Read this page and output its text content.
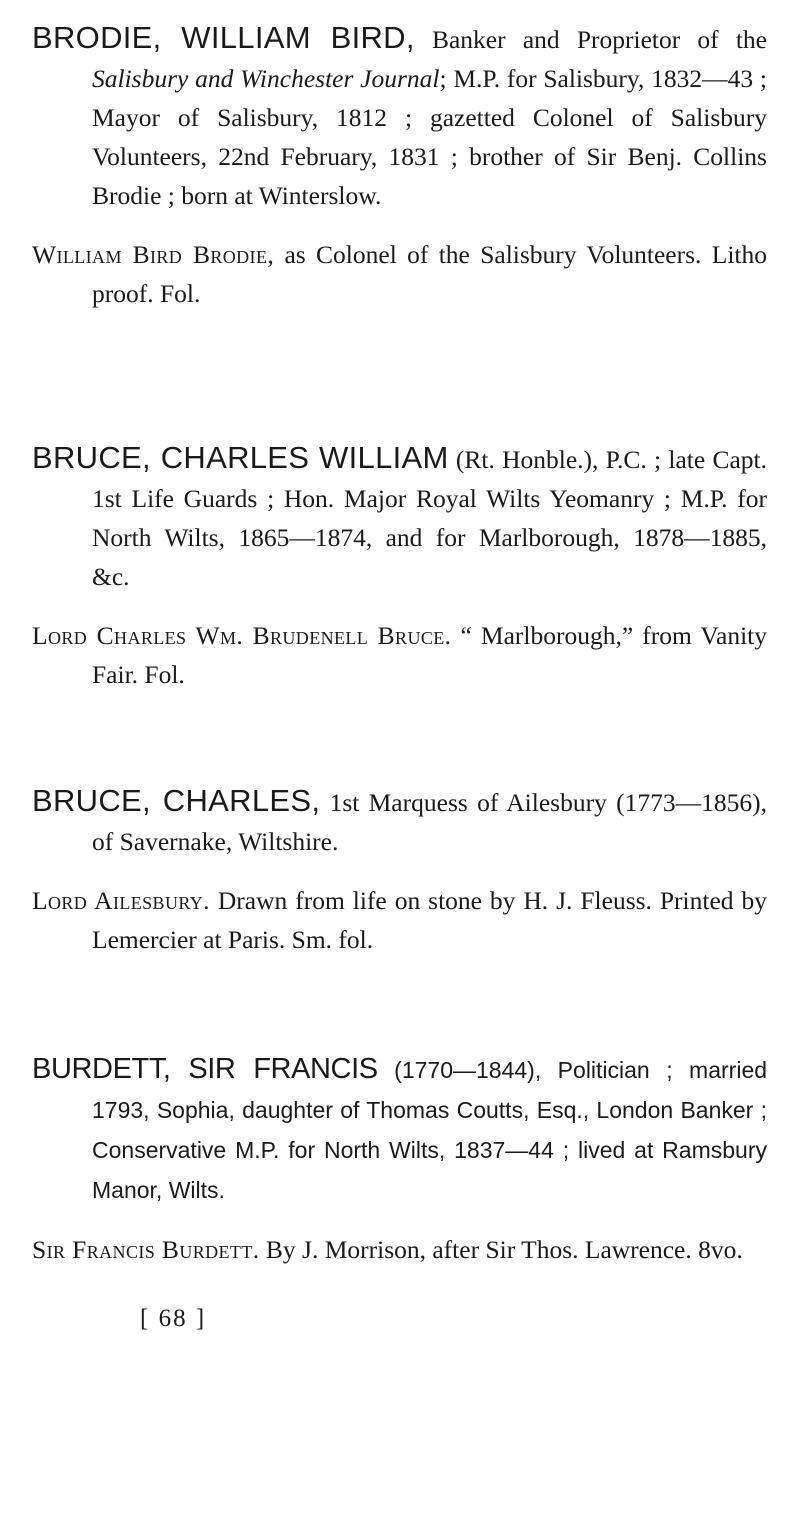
BRODIE, WILLIAM BIRD, Banker and Proprietor of the Salisbury and Winchester Journal; M.P. for Salisbury, 1832—43 ; Mayor of Salisbury, 1812 ; gazetted Colonel of Salisbury Volunteers, 22nd February, 1831 ; brother of Sir Benj. Collins Brodie ; born at Winterslow.

William Bird Brodie, as Colonel of the Salisbury Volunteers. Litho proof. Fol.

BRUCE, CHARLES WILLIAM (Rt. Honble.), P.C. ; late Capt. 1st Life Guards ; Hon. Major Royal Wilts Yeomanry ; M.P. for North Wilts, 1865—1874, and for Marlborough, 1878—1885, &c.

Lord Charles Wm. Brudenell Bruce. “ Marlborough,” from Vanity Fair. Fol.

BRUCE, CHARLES, 1st Marquess of Ailesbury (1773—1856), of Savernake, Wiltshire.

Lord Ailesbury. Drawn from life on stone by H. J. Fleuss. Printed by Lemercier at Paris. Sm. fol.

BURDETT, SIR FRANCIS (1770—1844), Politician ; married 1793, Sophia, daughter of Thomas Coutts, Esq., London Banker ; Conservative M.P. for North Wilts, 1837—44 ; lived at Ramsbury Manor, Wilts.

Sir Francis Burdett. By J. Morrison, after Sir Thos. Lawrence. 8vo.

[ 68 ]
